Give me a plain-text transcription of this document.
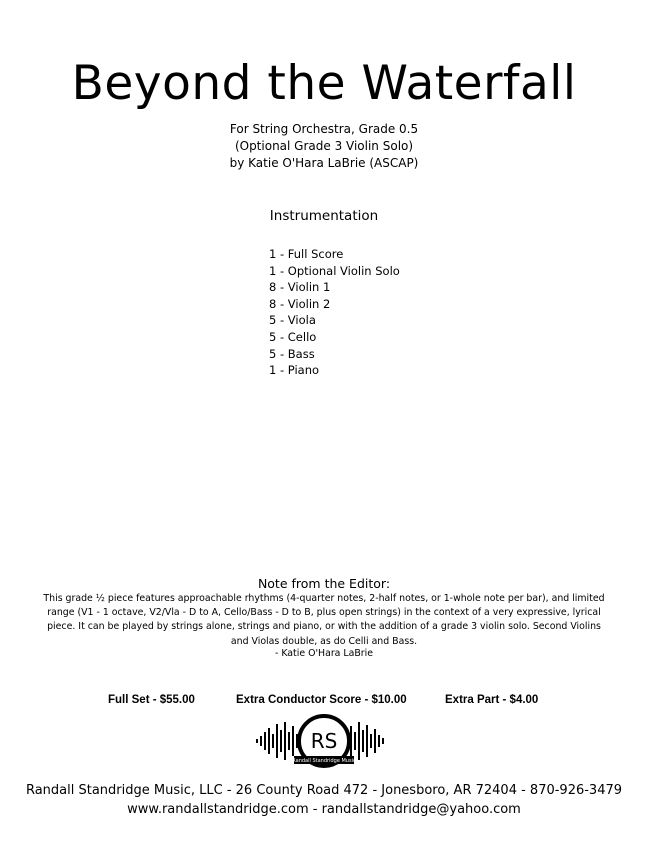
Beyond the Waterfall
For String Orchestra, Grade 0.5
(Optional Grade 3 Violin Solo)
by Katie O'Hara LaBrie (ASCAP)
Instrumentation
1 - Full Score
1 - Optional Violin Solo
8 - Violin 1
8 - Violin 2
5 - Viola
5 - Cello
5 - Bass
1 - Piano
Note from the Editor:
This grade ½ piece features approachable rhythms (4-quarter notes, 2-half notes, or 1-whole note per bar), and limited
range (V1 - 1 octave, V2/Vla - D to A, Cello/Bass - D to B, plus open strings) in the context of a very expressive, lyrical
piece. It can be played by strings alone, strings and piano, or with the addition of a grade 3 violin solo. Second Violins
and Violas double, as do Celli and Bass.
- Katie O'Hara LaBrie
Full Set - $55.00	Extra Conductor Score - $10.00	Extra Part - $4.00
RS
Randall Standridge Music
Randall Standridge Music, LLC - 26 County Road 472 - Jonesboro, AR 72404 - 870-926-3479
www.randallstandridge.com - randallstandridge@yahoo.com
